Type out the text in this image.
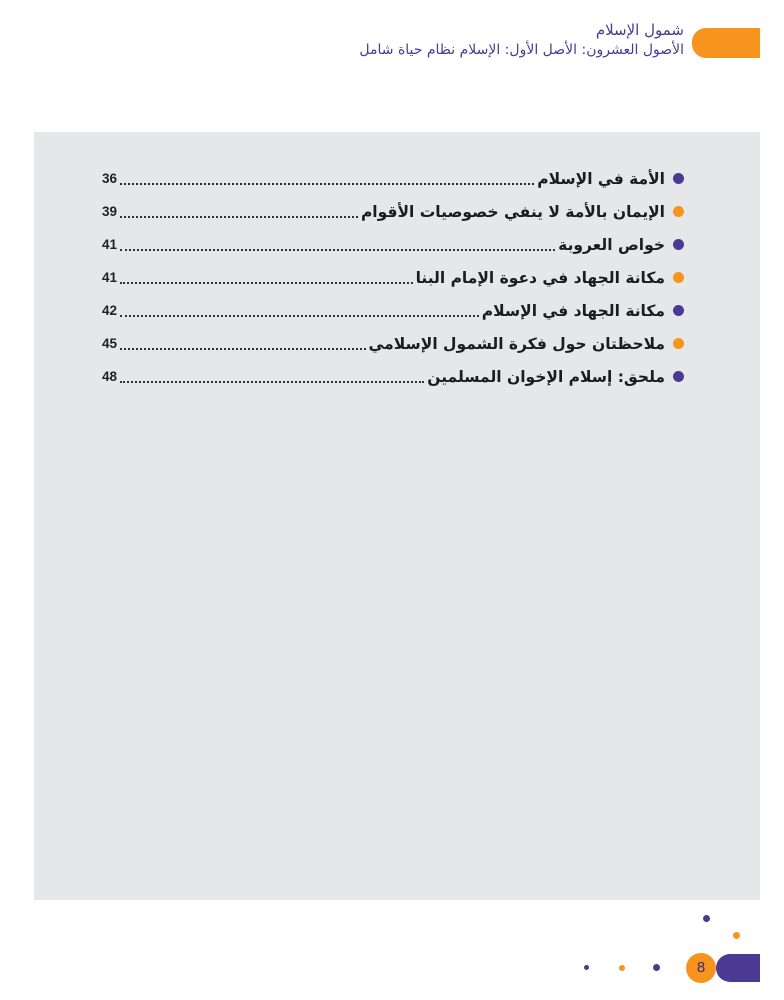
شمول الإسلام
الأصول العشرون: الأصل الأول: الإسلام نظام حياة شامل
الأمة في الإسلام
36
الإيمان بالأمة لا ينفي خصوصيات الأقوام
39
خواص العروبة
41
مكانة الجهاد في دعوة الإمام البنا
41
مكانة الجهاد في الإسلام
42
ملاحظتان حول فكرة الشمول الإسلامي
45
ملحق: إسلام الإخوان المسلمين
48
8
